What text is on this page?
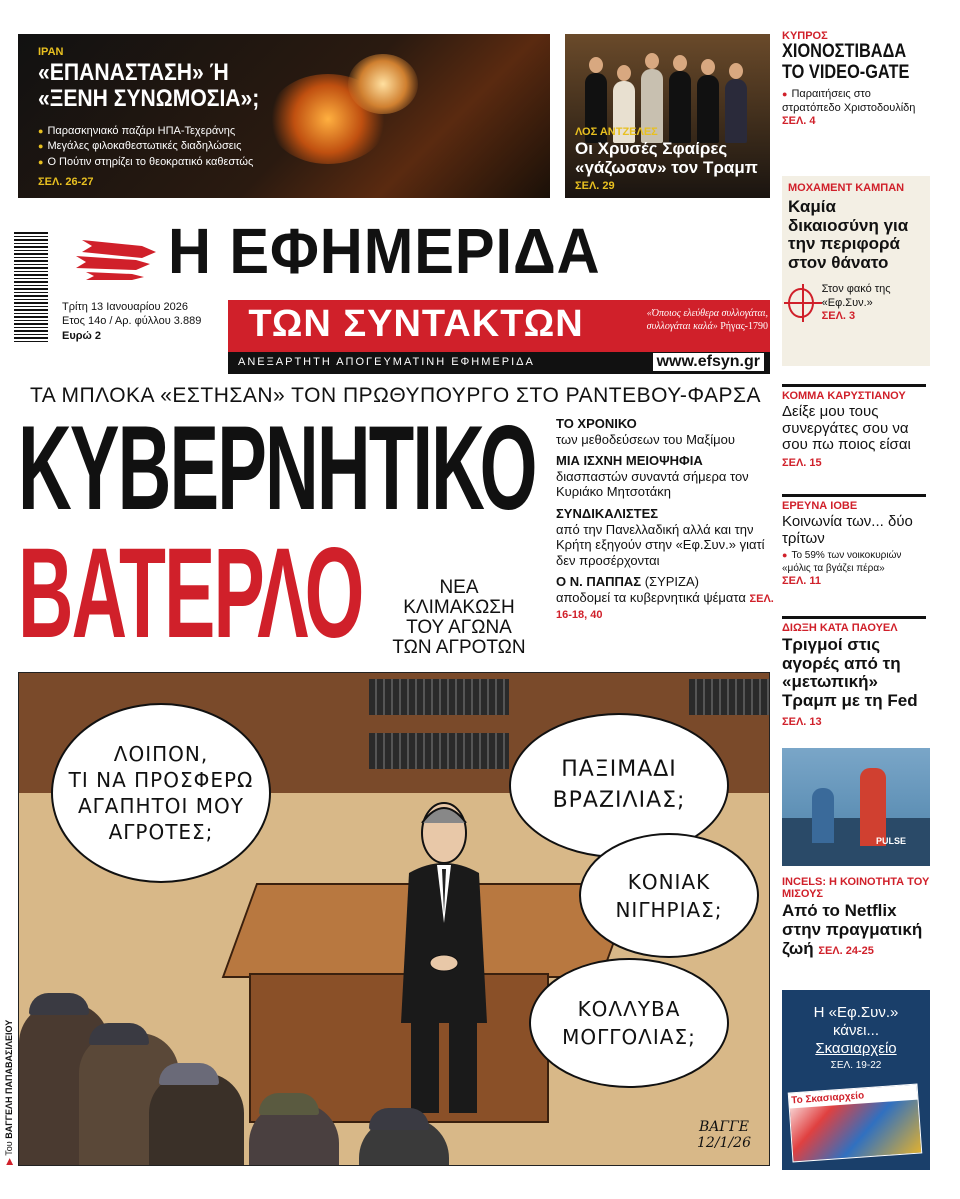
ΙΡΑΝ
«ΕΠΑΝΑΣΤΑΣΗ» Ή
«ΞΕΝΗ ΣΥΝΩΜΟΣΙΑ»;
● Παρασκηνιακό παζάρι ΗΠΑ-Τεχεράνης
● Μεγάλες φιλοκαθεστωτικές διαδηλώσεις
● Ο Πούτιν στηρίζει το θεοκρατικό καθεστώς
ΣΕΛ. 26-27
ΛΟΣ ΑΝΤΖΕΛΕΣ
Οι Χρυσές Σφαίρες
«γάζωσαν» τον Τραμπ
ΣΕΛ. 29
Η ΕΦΗΜΕΡΙΔΑ
Τρίτη 13 Ιανουαρίου 2026
Ετος 14ο / Αρ. φύλλου 3.889
Ευρώ 2	ΤΩΝ ΣΥΝΤΑΚΤΩΝ	«Όποιος ελεύθερα συλλογάται,
συλλογάται καλά» Ρήγας-1790
ΑΝΕΞΑΡΤΗΤΗ ΑΠΟΓΕΥΜΑΤΙΝΗ ΕΦΗΜΕΡΙΔΑ	www.efsyn.gr
ΤΑ ΜΠΛΟΚΑ «ΕΣΤΗΣΑΝ» ΤΟΝ ΠΡΩΘΥΠΟΥΡΓΟ ΣΤΟ ΡΑΝΤΕΒΟΥ-ΦΑΡΣΑ
ΚΥΒΕΡΝΗΤΙΚΟ
ΒΑΤΕΡΛΟ	ΝΕΑ
ΚΛΙΜΑΚΩΣΗ
ΤΟΥ ΑΓΩΝΑ
ΤΩΝ ΑΓΡΟΤΩΝ
ΤΟ ΧΡΟΝΙΚΟ
των μεθοδεύσεων του Μαξίμου
ΜΙΑ ΙΣΧΝΗ ΜΕΙΟΨΗΦΙΑ
διασπαστών συναντά σήμερα τον Κυριάκο Μητσοτάκη
ΣΥΝΔΙΚΑΛΙΣΤΕΣ
από την Πανελλαδική αλλά και την Κρήτη εξηγούν στην «Εφ.Συν.» γιατί δεν προσέρχονται
Ο Ν. ΠΑΠΠΑΣ (ΣΥΡΙΖΑ)
αποδομεί τα κυβερνητικά ψέματα ΣΕΛ. 16-18, 40
ΛΟΙΠΟΝ,
ΤΙ ΝΑ ΠΡΟΣΦΕΡΩ
ΑΓΑΠΗΤΟΙ ΜΟΥ
ΑΓΡΟΤΕΣ;
ΠΑΞΙΜΑΔΙ
ΒΡΑΖΙΛΙΑΣ;
ΚΟΝΙΑΚ
ΝΙΓΗΡΙΑΣ;
ΚΟΛΛΥΒΑ
ΜΟΓΓΟΛΙΑΣ;
ΒΑΓΓΕ
12/1/26
▶ Του ΒΑΓΓΕΛΗ ΠΑΠΑΒΑΣΙΛΕΙΟΥ
ΚΥΠΡΟΣ
ΧΙΟΝΟΣΤΙΒΑΔΑ ΤΟ VIDEO-GATE
● Παραιτήσεις στο στρατόπεδο Χριστοδουλίδη
ΣΕΛ. 4
ΜΟΧΑΜΕΝΤ ΚΑΜΠΑΝ
Καμία δικαιοσύνη για την περιφορά στον θάνατο
Στον φακό της «Εφ.Συν.»
ΣΕΛ. 3
ΚΟΜΜΑ ΚΑΡΥΣΤΙΑΝΟΥ
Δείξε μου τους συνεργάτες σου να σου πω ποιος είσαι ΣΕΛ. 15
ΕΡΕΥΝΑ ΙΟΒΕ
Κοινωνία των... δύο τρίτων
● Το 59% των νοικοκυριών «μόλις τα βγάζει πέρα»
ΣΕΛ. 11
ΔΙΩΞΗ ΚΑΤΑ ΠΑΟΥΕΛ
Τριγμοί στις αγορές από τη «μετωπική» Τραμπ με τη Fed ΣΕΛ. 13
PULSE
INCELS: Η ΚΟΙΝΟΤΗΤΑ ΤΟΥ ΜΙΣΟΥΣ
Από το Netflix στην πραγματική ζωή ΣΕΛ. 24-25
Η «Εφ.Συν.»
κάνει...
Σκασιαρχείο
ΣΕΛ. 19-22
Το Σκασιαρχείο
